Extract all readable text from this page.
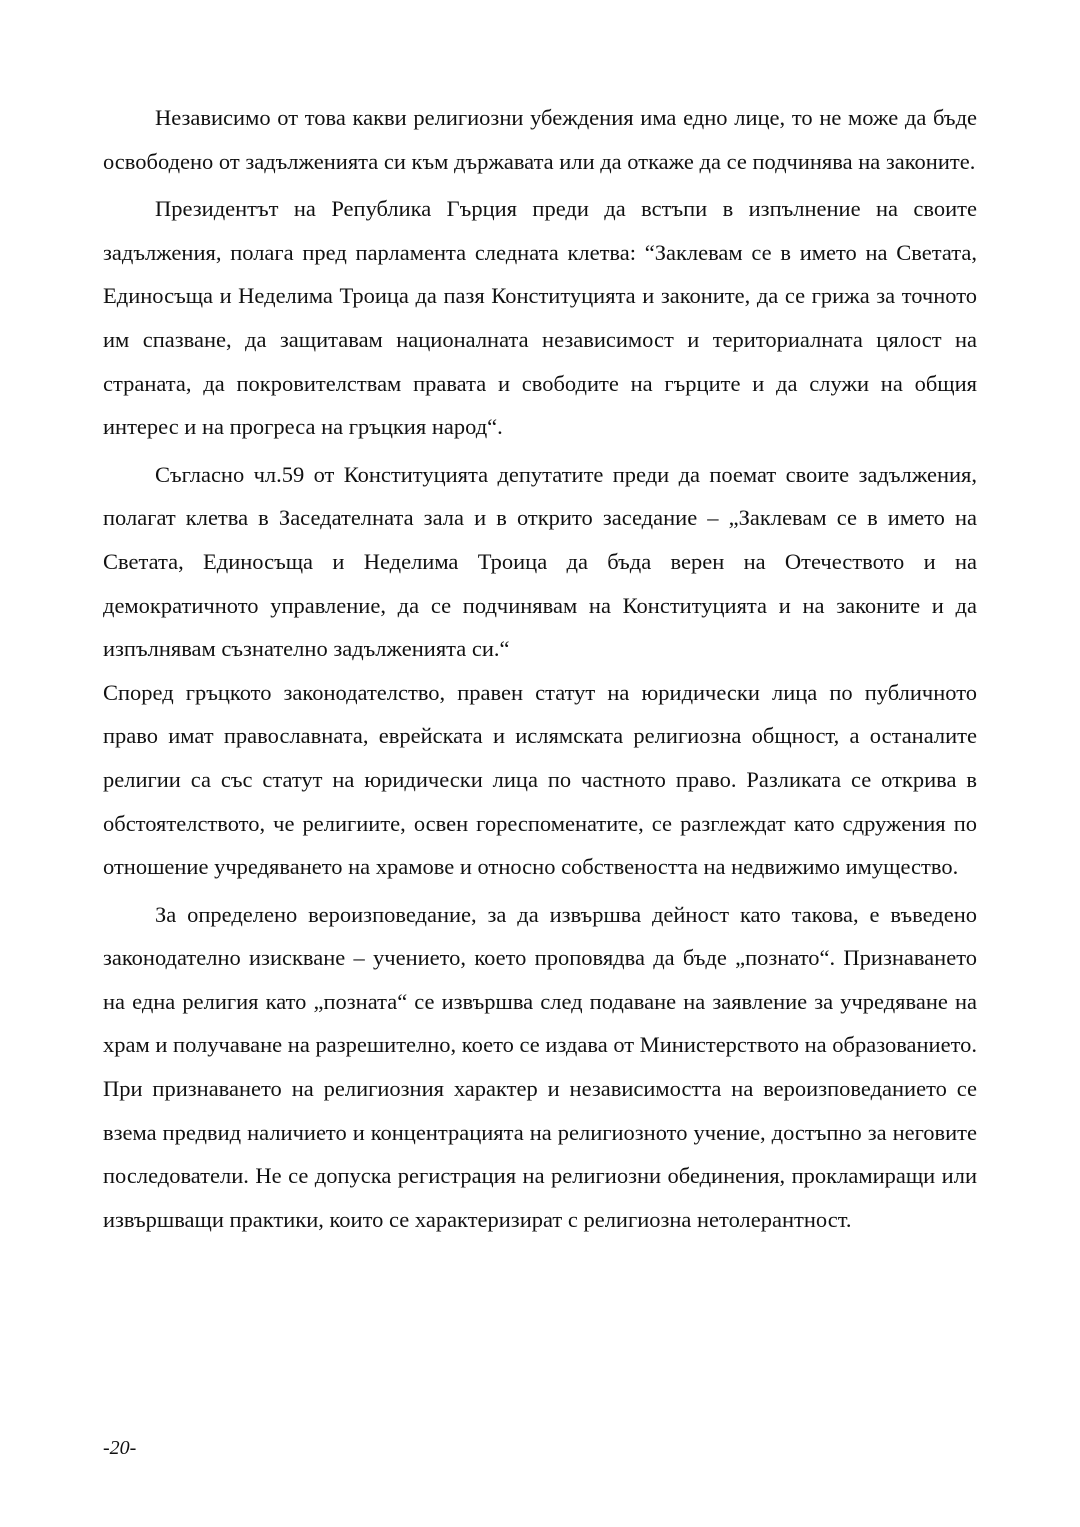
Независимо от това какви религиозни убеждения има едно лице, то не може да бъде освободено от задълженията си към държавата или да откаже да се подчинява на законите.

Президентът на Република Гърция преди да встъпи в изпълнение на своите задължения, полага пред парламента следната клетва: “Заклевам се в името на Светата, Единосъща и Неделима Троица да пазя Конституцията и законите, да се грижа за точното им спазване, да защитавам националната независимост и териториалната цялост на страната, да покровителствам правата и свободите на гърците и да служи на общия интерес и на прогреса на гръцкия народ“.

Съгласно чл.59 от Конституцията депутатите преди да поемат своите задължения, полагат клетва в Заседателната зала и в открито заседание – „Заклевам се в името на Светата, Единосъща и Неделима Троица да бъда верен на Отечеството и на демократичното управление, да се подчинявам на Конституцията и на законите и да изпълнявам съзнателно задълженията си.“

Според гръцкото законодателство, правен статут на юридически лица по публичното право имат православната, еврейската и ислямската религиозна общност, а останалите религии са със статут на юридически лица по частното право. Разликата се открива в обстоятелството, че религиите, освен гореспоменатите, се разглеждат като сдружения по отношение учредяването на храмове и относно собствеността на недвижимо имущество.

За определено вероизповедание, за да извършва дейност като такова, е въведено законодателно изискване – учението, което проповядва да бъде „познато“. Признаването на една религия като „позната“ се извършва след подаване на заявление за учредяване на храм и получаване на разрешително, което се издава от Министерството на образованието. При признаването на религиозния характер и независимостта на вероизповеданието се взема предвид наличието и концентрацията на религиозното учение, достъпно за неговите последователи. Не се допуска регистрация на религиозни обединения, прокламиращи или извършващи практики, които се характеризират с религиозна нетолерантност.

-20-
